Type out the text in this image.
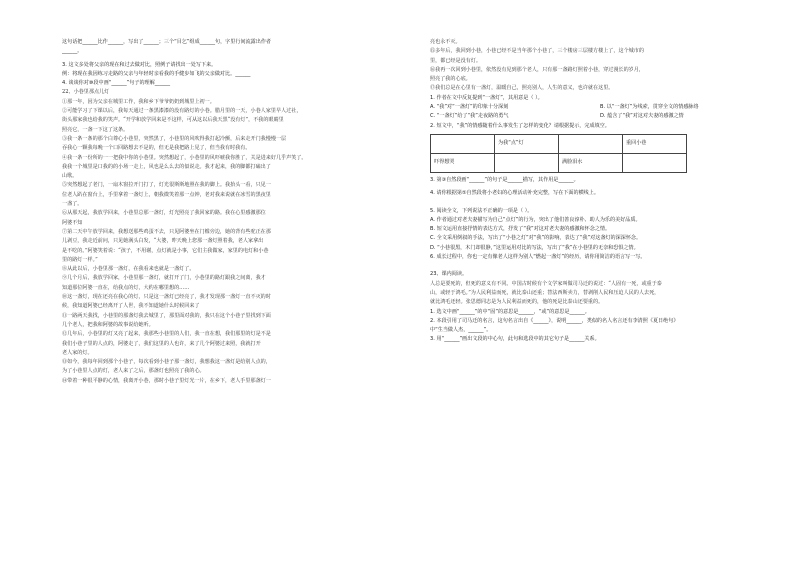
这句话把______比作______，写出了______；三个“目乞”组成______句，字里行间流露出作者

______。

3. 这文多处将父亲的现在和过去做对比，照例子请找出一处写下来。

例：将现在我因练习走路的父亲与年轻时亲看我的手健步如飞的父亲做对比。______

4. 谈谈你对⑩段中画“______”句子的理解______

22、小巷里那点儿灯

①那一年，因为父亲在城里工作，我和乡下爷爷奶奶到城里上初一。

②可能学习了下课以后，我每天通过一条黑漆漆的没有路灯的小巷。腊月里的一天，小巷人家里早人过社，

街头那家我也给我的笑声。“开学和放学回来是不这样，可从这以后我天黑“没有灯”，不我的眼睛里

照亮它，一盏一下这了这条。

③我一条一条的那个白尊心小巷里，突然黑了，小巷里的风吹得我打起冷颤，后来走开门我慢慢一层

吞我心一颗我每晚一个口回路想去不是的，但无是我把路上见了，但当我有时我有。

④我一条一份所的一一把我中你的小巷里。突然想起了，小巷里的风吓唬我你胜了，关是进来好几乎声笑了。

我我一个城里是口我的的小场一走上，风也是么么去的似说走。我才起来，我的脚都打磕出了

山歌。

⑤突然想起了老门，一扇木窗拉开门打了，灯光很斯斯地照在我的脚上。我抬头一看，只见一

位老人趴在窗台上，手里拿着一盏灯上，朝我微笑着那一点钟，老对我来说就在冰雪的黑夜里

一盏了。

⑥从那天起，我放学回来，小巷里总那一盏灯，灯光照亮了我回家的路。我在心里感激那位

阿婆不知

⑦第二天中午放学回来，我想送那些鸡蛋不去，只见阿婆坐在门槛旁边，她的背有些驼正在那

儿剥豆，我走近前问，只见她满头白发，“大婆，昨天晚上您那一盏灯照着我，老人家拿出

是不吃的。”阿婆笑着说：“孩子，不用谢，点灯就是小事，它们主我做家，家里的电灯和小巷

里的路灯一样。”

⑧从此以后，小巷里那一盏灯，在我看来也就是一盏灯了。

⑨几个月后，我放学回家，小巷里那一盏灯，就打开了门，小巷里的路灯跟我之间离，我才

知道那位阿婆一直在，给我点的灯，大约在哪里想的……

⑩这一盏灯，现在还亮在我心的灯，只是这一盏灯已经亮了，我才发现那一盏灯一直不灭的时

候，我知道阿婆已经离开了人世，我不知道她什么时候回来了

⑪一路两天我找，小巷里的那盏灯我去城里了，那里面对我的，我只在这个小巷子里找到下面

几个老人，把我和阿婆的故事说给她听。

⑫几年后，小巷里的灯又亮了起来，我那些小巷里的人们，我一直在想，我们那里的灯是不是

我们小巷子里的人点的，阿婆走了，我们这里的人也许，来了几个阿婆过来照，我就打开

老人家的灯。

⑬如今，我每年回到那个小巷子，每次看到小巷子那一盏灯，我想我这一盏灯是给别人点的，

为了小巷里人点的灯，老人来了之后，那盏灯也照亮了我的心。

⑭带着一种很平静的心情，我离开小巷，那时小巷子里灯光一片，在乡下，老人手里那盏灯一

亮也永不灭。

⑮多年后，我回到小巷，小巷已经不是当年那个小巷了，三个楼房三层楼方楼上了，这个城市的

里，都已经是没有灯。

⑯我再一次回到小巷里，依然没有见到那个老人，只有那一盏路灯照着小巷，穿过漫长的岁月，

照亮了我的心底。

⑰我们总是在心里有一盏灯，温暖自己，照亮别人，人生的意义，也许就在这里。

1. 作者在文中反复提到“一盏灯”，其用意是（ ）。

A. “我”对“一盏灯”的印象十分深刻	B. 以“一盏灯”为线索，贯穿全文的情感脉络

C. “一盏灯”给了“我”走夜路的勇气	D. 蕴含了“我”对这对夫妻的感激之情

2. 短文中，“我”的情感随着什么事发生了怎样的变化？请根据提示，完成填空。

	为我“点”灯		重回小巷
吓得想哭		满脸泪水	

3. 第③自然段画“______”的句子是______描写，其作用是______。

4. 请你根据第⑤自然段将小老妇的心理活动补充完整，写在下面的横线上。

5. 阅读全文，下列说法不正确的一项是（ ）。

A. 作者通过对老夫妻描写为自己“点灯”的行为，突出了他们善良淳朴、助人为乐的美好品质。

B. 短文运用直接抒情的表达方式，抒发了“我”对这对老夫妻的感激和怀念之情。

C. 全文采用倒叙的手法，写出了“小巷之灯”对“我”的影响，表达了“我”对这盏灯的深深怀念。

D. “小巷很黑，木门却很静，”这里运用对比的写法，写出了“我”在小巷里的无奈和恐惧之情。

6. 成长过程中，你也一定有像老人这样为别人“燃起一盏灯”的经历，请你用简洁的语言写一写。

23、课内阅读。

人总是要死的，但死的意义有不同。中国古时候有个文学家叫做司马迁的说过：“人固有一死，或重于泰

山，或轻于鸿毛。”为人民利益而死，就比泰山还重；替法西斯卖力，替剥削人民和压迫人民的人去死，

就比鸿毛还轻。张思德同志是为人民利益而死的，他的死是比泰山还要重的。

1. 选文中画“______”的中“固”的意思是______，“或”的意思是______。

2. 本段引用了司马迁的名言，这句名言出自《______》，说明______，类似的名人名言还有李清照《夏日绝句》

中“生当做人杰，______”。

3. 用“______”画出文段的中心句，此句和选段中的其它句子是______关系。
